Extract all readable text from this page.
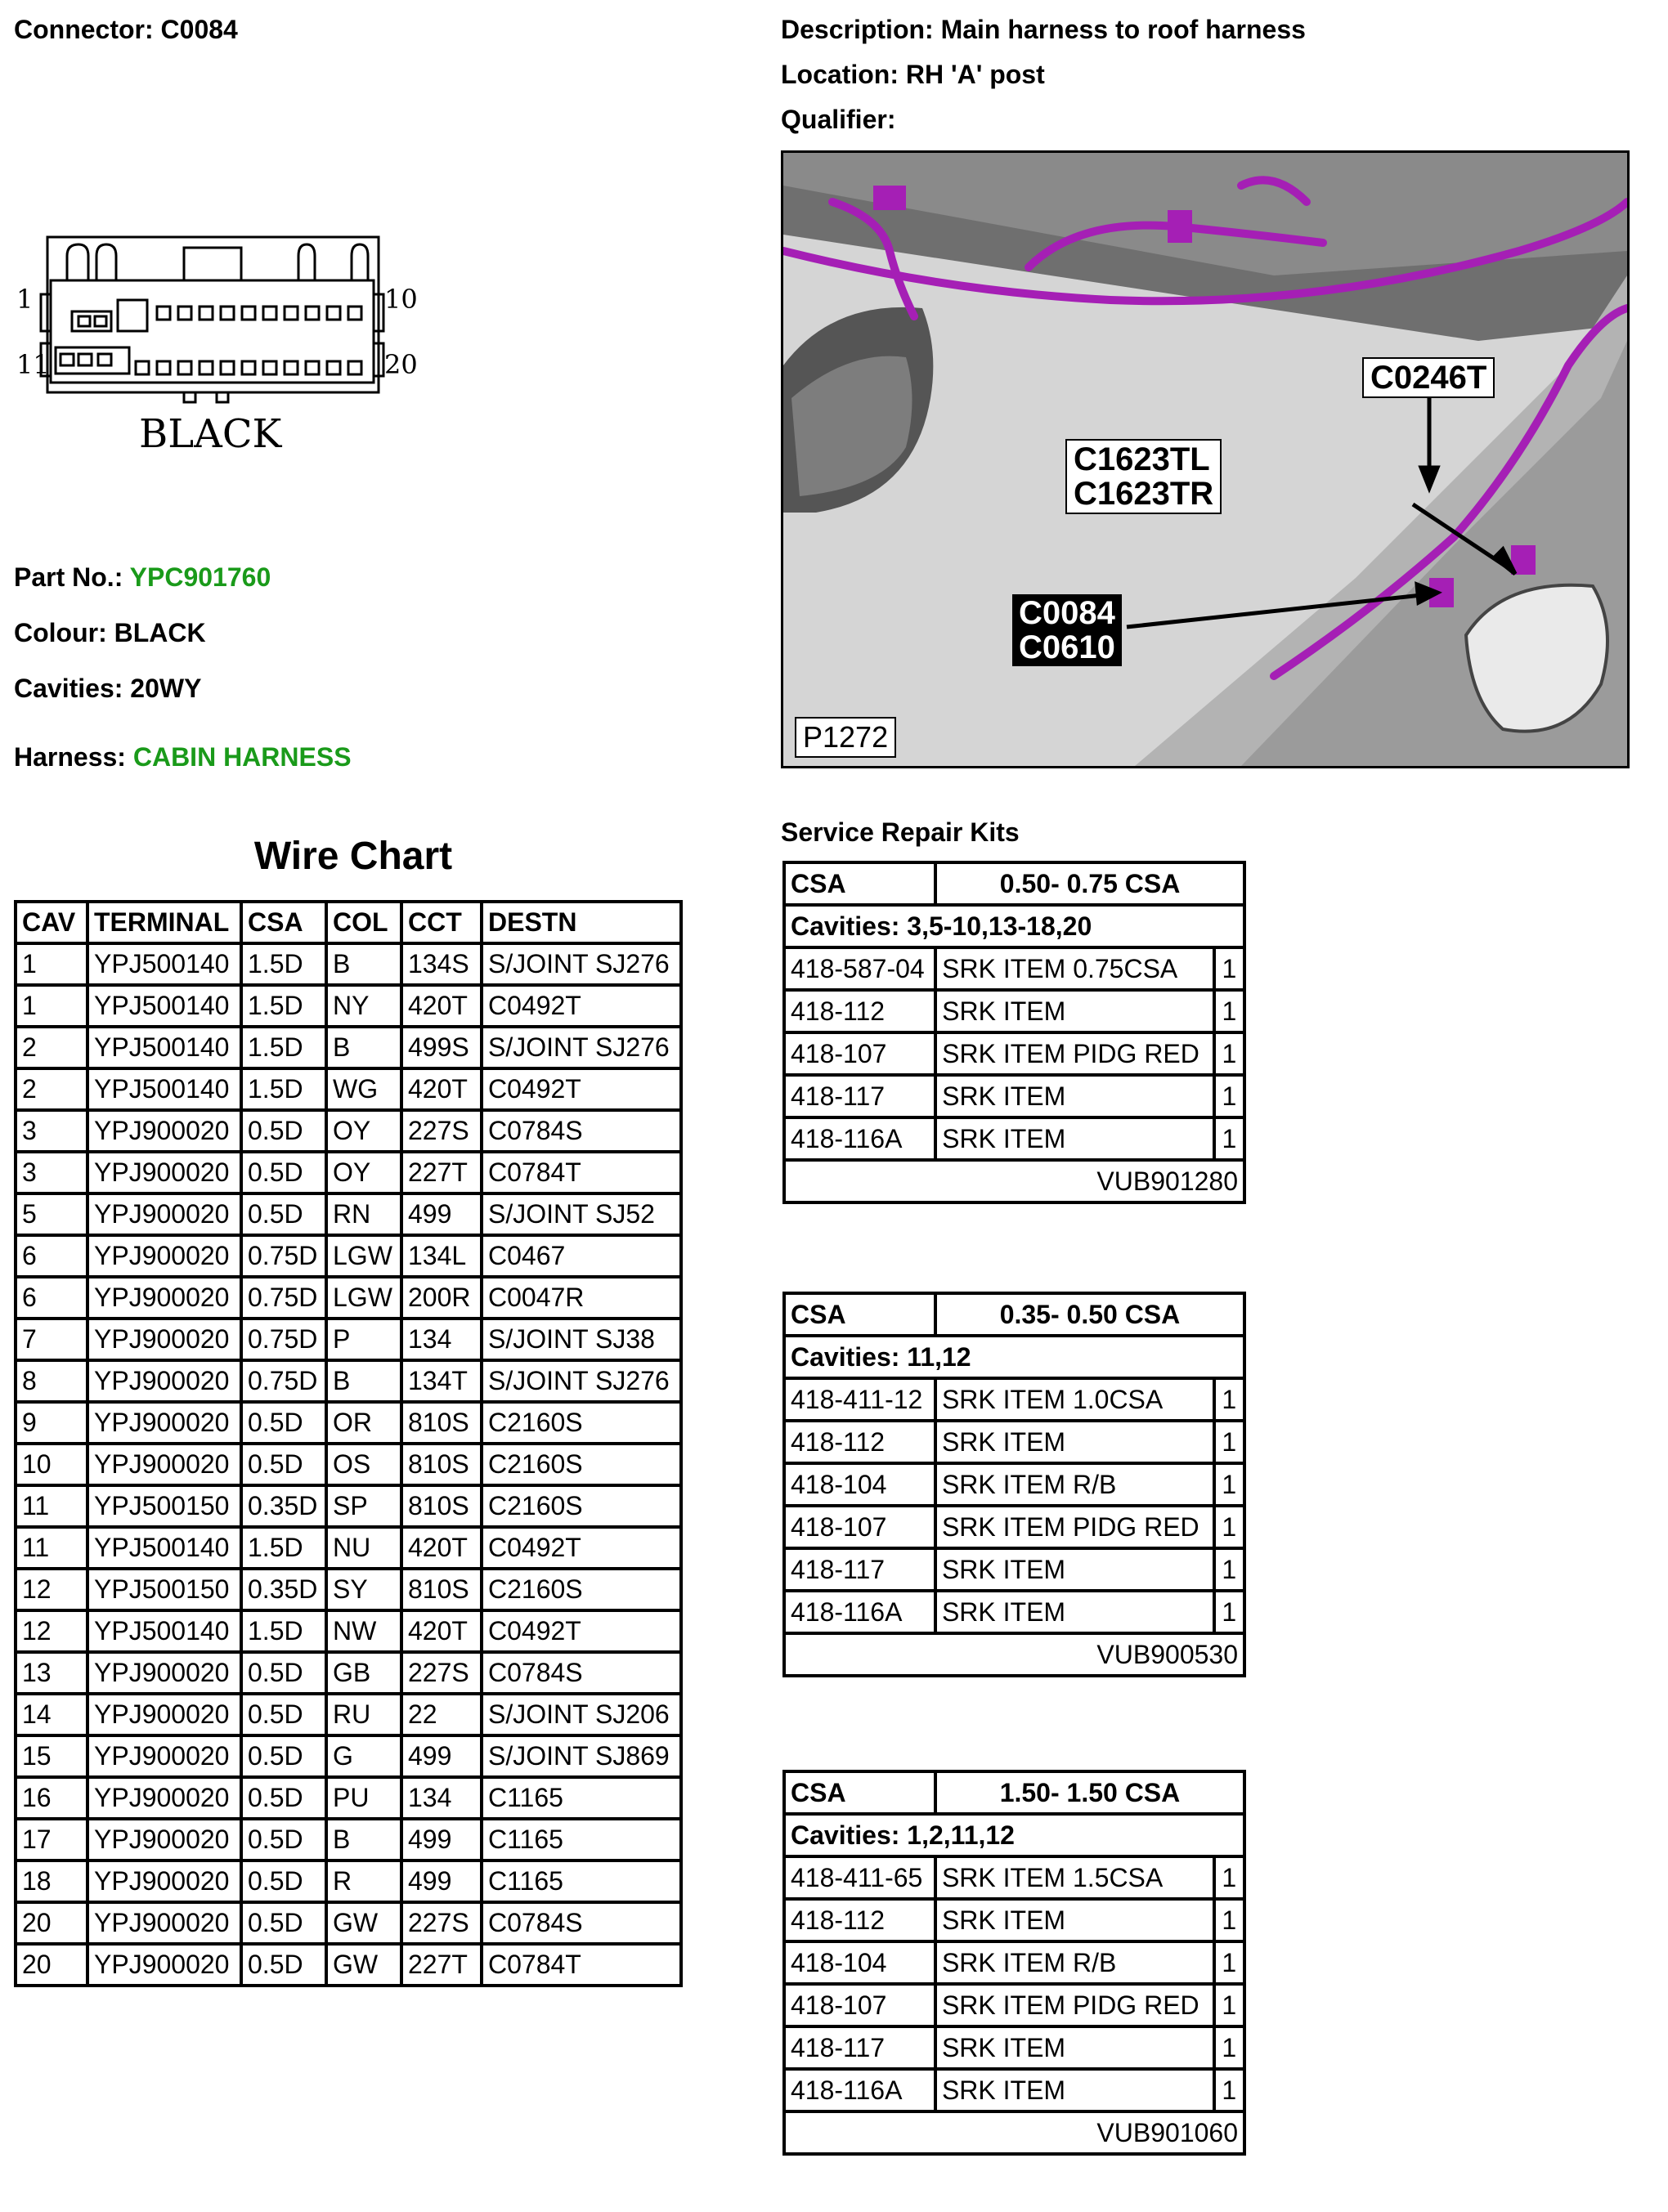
Connector: C0084	Description: Main harness to roof harness
Location: RH 'A' post
Qualifier:
1	10
11	20
BLACK
Part No.: YPC901760
Colour: BLACK
Cavities: 20WY
Harness: CABIN HARNESS
C0246T
C1623TL
C1623TR
C0084
C0610
P1272
Wire Chart
CAV	TERMINAL	CSA	COL	CCT	DESTN
1	YPJ500140	1.5D	B	134S	S/JOINT SJ276
1	YPJ500140	1.5D	NY	420T	C0492T
2	YPJ500140	1.5D	B	499S	S/JOINT SJ276
2	YPJ500140	1.5D	WG	420T	C0492T
3	YPJ900020	0.5D	OY	227S	C0784S
3	YPJ900020	0.5D	OY	227T	C0784T
5	YPJ900020	0.5D	RN	499	S/JOINT SJ52
6	YPJ900020	0.75D	LGW	134L	C0467
6	YPJ900020	0.75D	LGW	200R	C0047R
7	YPJ900020	0.75D	P	134	S/JOINT SJ38
8	YPJ900020	0.75D	B	134T	S/JOINT SJ276
9	YPJ900020	0.5D	OR	810S	C2160S
10	YPJ900020	0.5D	OS	810S	C2160S
11	YPJ500150	0.35D	SP	810S	C2160S
11	YPJ500140	1.5D	NU	420T	C0492T
12	YPJ500150	0.35D	SY	810S	C2160S
12	YPJ500140	1.5D	NW	420T	C0492T
13	YPJ900020	0.5D	GB	227S	C0784S
14	YPJ900020	0.5D	RU	22	S/JOINT SJ206
15	YPJ900020	0.5D	G	499	S/JOINT SJ869
16	YPJ900020	0.5D	PU	134	C1165
17	YPJ900020	0.5D	B	499	C1165
18	YPJ900020	0.5D	R	499	C1165
20	YPJ900020	0.5D	GW	227S	C0784S
20	YPJ900020	0.5D	GW	227T	C0784T
Service Repair Kits
CSA	0.50- 0.75 CSA	
Cavities: 3,5-10,13-18,20		
418-587-04	SRK ITEM 0.75CSA	1
418-112	SRK ITEM	1
418-107	SRK ITEM PIDG RED	1
418-117	SRK ITEM	1
418-116A	SRK ITEM	1
VUB901280		
CSA	0.35- 0.50 CSA	
Cavities: 11,12		
418-411-12	SRK ITEM 1.0CSA	1
418-112	SRK ITEM	1
418-104	SRK ITEM R/B	1
418-107	SRK ITEM PIDG RED	1
418-117	SRK ITEM	1
418-116A	SRK ITEM	1
VUB900530		
CSA	1.50- 1.50 CSA	
Cavities: 1,2,11,12		
418-411-65	SRK ITEM 1.5CSA	1
418-112	SRK ITEM	1
418-104	SRK ITEM R/B	1
418-107	SRK ITEM PIDG RED	1
418-117	SRK ITEM	1
418-116A	SRK ITEM	1
VUB901060		
